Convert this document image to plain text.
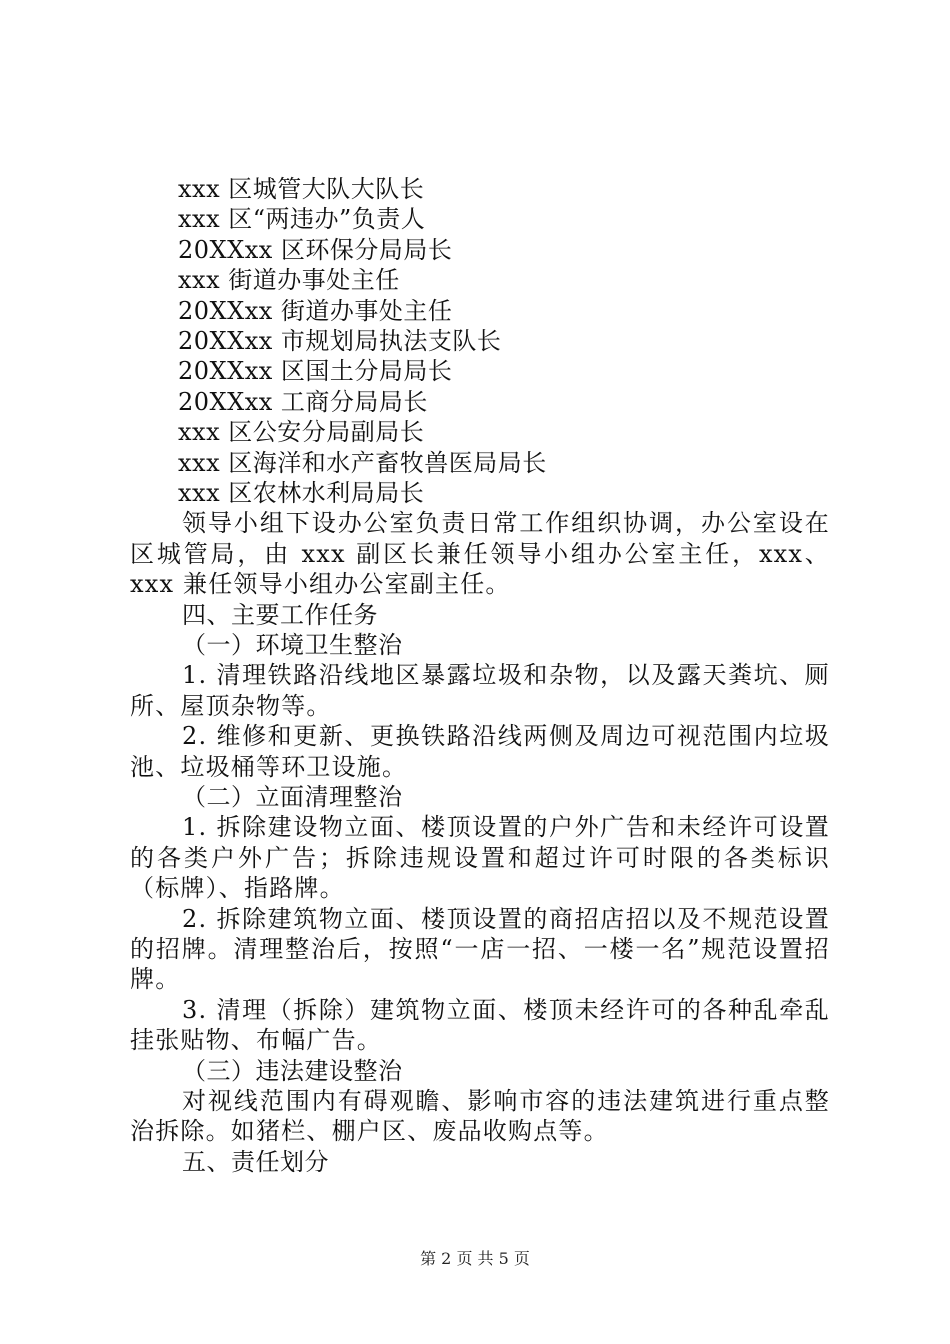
xxx 区城管大队大队长
xxx 区“两违办”负责人
20XXxx 区环保分局局长
xxx 街道办事处主任
20XXxx 街道办事处主任
20XXxx 市规划局执法支队长
20XXxx 区国土分局局长
20XXxx 工商分局局长
xxx 区公安分局副局长
xxx 区海洋和水产畜牧兽医局局长
xxx 区农林水利局局长
领导小组下设办公室负责日常工作组织协调，办公室设在区城管局，由 xxx 副区长兼任领导小组办公室主任，xxx、xxx 兼任领导小组办公室副主任。
四、主要工作任务
（一）环境卫生整治
1. 清理铁路沿线地区暴露垃圾和杂物，以及露天粪坑、厕所、屋顶杂物等。
2. 维修和更新、更换铁路沿线两侧及周边可视范围内垃圾池、垃圾桶等环卫设施。
（二）立面清理整治
1. 拆除建设物立面、楼顶设置的户外广告和未经许可设置的各类户外广告；拆除违规设置和超过许可时限的各类标识（标牌）、指路牌。
2. 拆除建筑物立面、楼顶设置的商招店招以及不规范设置的招牌。清理整治后，按照“一店一招、一楼一名”规范设置招牌。
3. 清理（拆除）建筑物立面、楼顶未经许可的各种乱牵乱挂张贴物、布幅广告。
（三）违法建设整治
对视线范围内有碍观瞻、影响市容的违法建筑进行重点整治拆除。如猪栏、棚户区、废品收购点等。
五、责任划分
第 2 页 共 5 页
